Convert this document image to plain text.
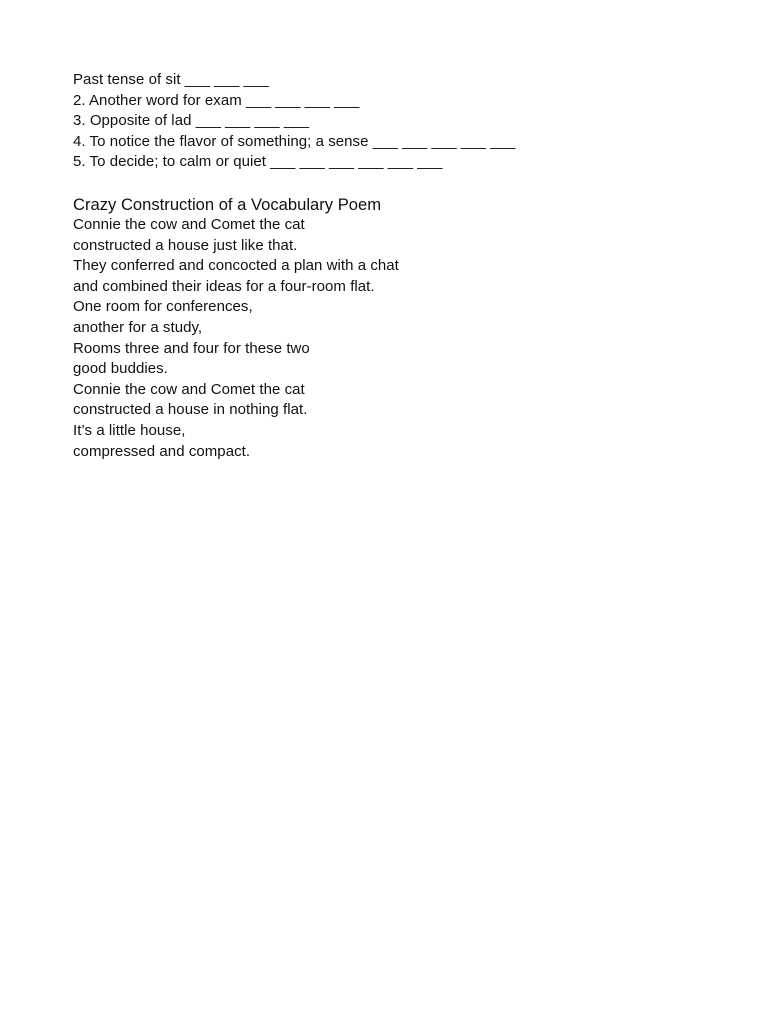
Past tense of sit ___ ___ ___
2. Another word for exam ___ ___ ___ ___
3. Opposite of lad ___ ___ ___ ___
4. To notice the flavor of something; a sense ___ ___ ___ ___ ___
5. To decide; to calm or quiet ___ ___ ___ ___ ___ ___
Crazy Construction of a Vocabulary Poem
Connie the cow and Comet the cat
constructed a house just like that.
They conferred and concocted a plan with a chat
and combined their ideas for a four-room flat.
One room for conferences,
another for a study,
Rooms three and four for these two
good buddies.
Connie the cow and Comet the cat
constructed a house in nothing flat.
It’s a little house,
compressed and compact.
